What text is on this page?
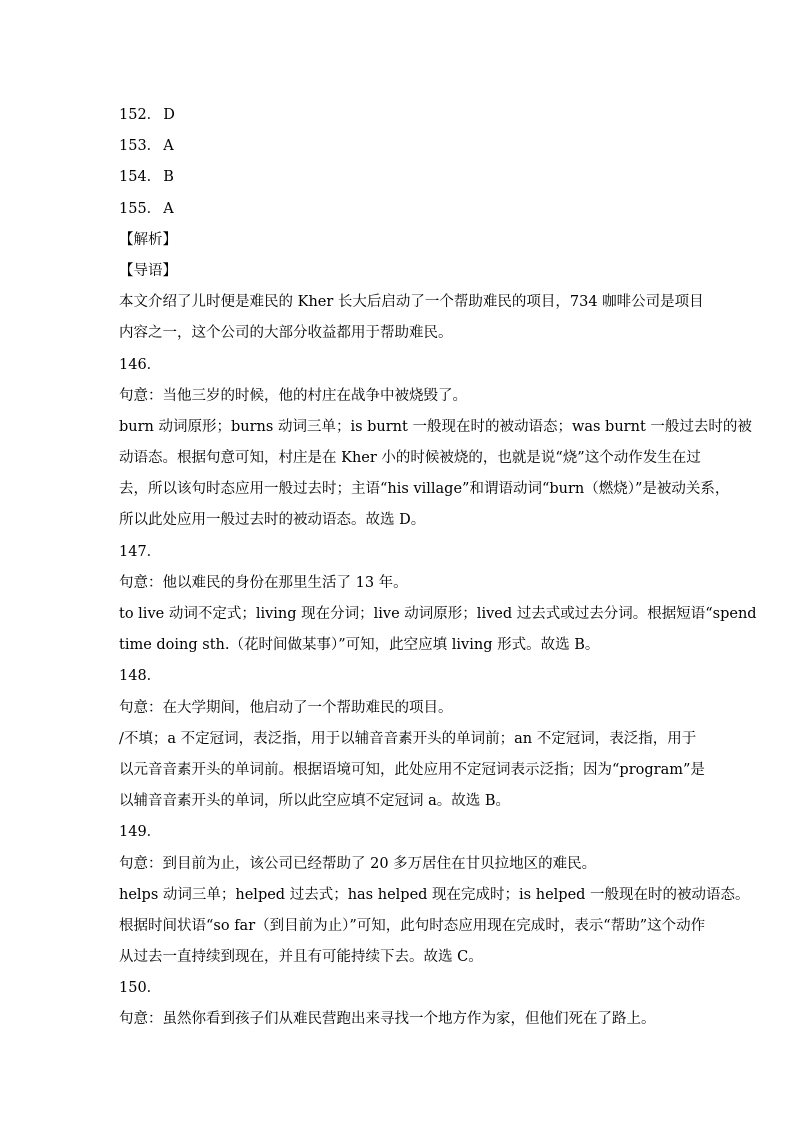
152． D
153． A
154． B
155． A
【解析】
【导语】
本文介绍了儿时便是难民的 Kher 长大后启动了一个帮助难民的项目，734 咖啡公司是项目
内容之一，这个公司的大部分收益都用于帮助难民。
146．
句意：当他三岁的时候，他的村庄在战争中被烧毁了。
burn 动词原形；burns 动词三单；is burnt 一般现在时的被动语态；was burnt 一般过去时的被
动语态。根据句意可知，村庄是在 Kher 小的时候被烧的，也就是说“烧”这个动作发生在过
去，所以该句时态应用一般过去时；主语“his village”和谓语动词“burn（燃烧）”是被动关系，
所以此处应用一般过去时的被动语态。故选 D。
147．
句意：他以难民的身份在那里生活了 13 年。
to live 动词不定式；living 现在分词；live 动词原形；lived 过去式或过去分词。根据短语“spend
time doing sth.（花时间做某事）”可知，此空应填 living 形式。故选 B。
148．
句意：在大学期间，他启动了一个帮助难民的项目。
/不填；a 不定冠词，表泛指，用于以辅音音素开头的单词前；an 不定冠词，表泛指，用于
以元音音素开头的单词前。根据语境可知，此处应用不定冠词表示泛指；因为“program”是
以辅音音素开头的单词，所以此空应填不定冠词 a。故选 B。
149．
句意：到目前为止，该公司已经帮助了 20 多万居住在甘贝拉地区的难民。
helps 动词三单；helped 过去式；has helped 现在完成时；is helped 一般现在时的被动语态。
根据时间状语“so far（到目前为止）”可知，此句时态应用现在完成时，表示“帮助”这个动作
从过去一直持续到现在，并且有可能持续下去。故选 C。
150．
句意：虽然你看到孩子们从难民营跑出来寻找一个地方作为家，但他们死在了路上。
